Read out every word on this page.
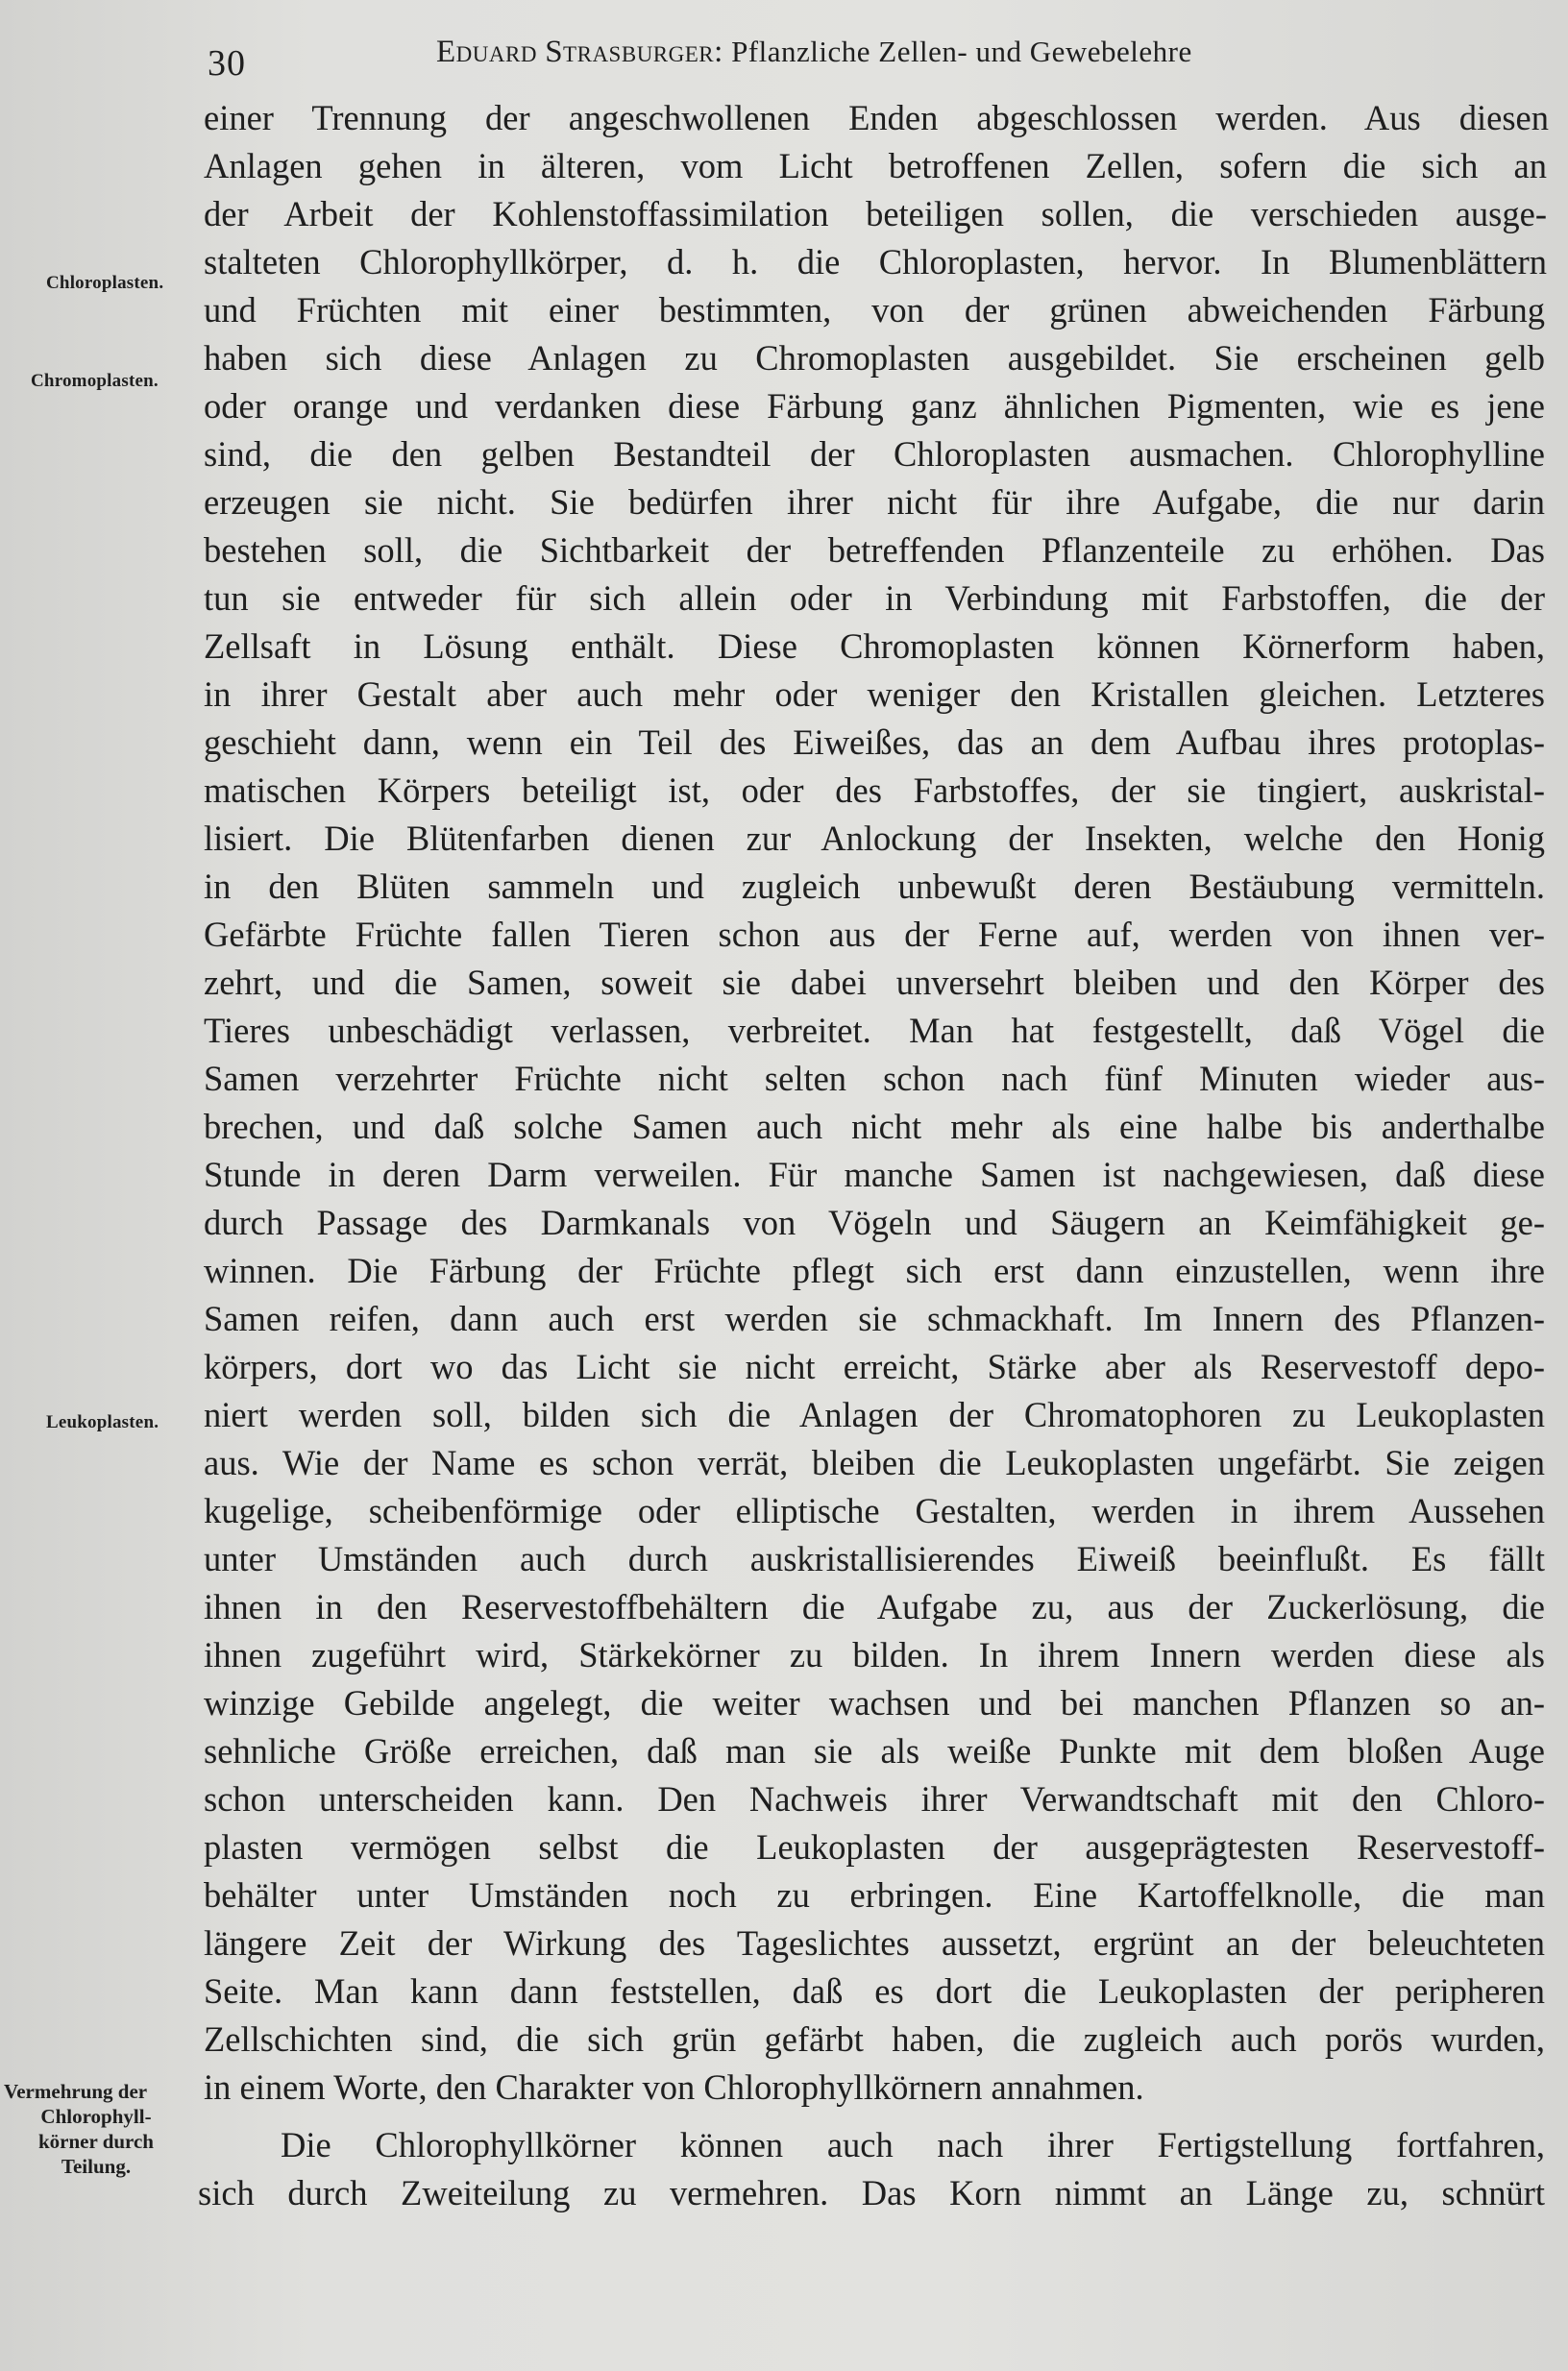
30	Eduard Strasburger: Pflanzliche Zellen- und Gewebelehre
Chloroplasten.
Chromoplasten.
Leukoplasten.
Vermehrung der
Chlorophyll-
körner durch
Teilung.
einer Trennung der angeschwollenen Enden abgeschlossen werden. Aus diesen
Anlagen gehen in älteren, vom Licht betroffenen Zellen, sofern die sich an
der Arbeit der Kohlenstoffassimilation beteiligen sollen, die verschieden ausge-
stalteten Chlorophyllkörper, d. h. die Chloroplasten, hervor. In Blumenblättern
und Früchten mit einer bestimmten, von der grünen abweichenden Färbung
haben sich diese Anlagen zu Chromoplasten ausgebildet. Sie erscheinen gelb
oder orange und verdanken diese Färbung ganz ähnlichen Pigmenten, wie es jene
sind, die den gelben Bestandteil der Chloroplasten ausmachen. Chlorophylline
erzeugen sie nicht. Sie bedürfen ihrer nicht für ihre Aufgabe, die nur darin
bestehen soll, die Sichtbarkeit der betreffenden Pflanzenteile zu erhöhen. Das
tun sie entweder für sich allein oder in Verbindung mit Farbstoffen, die der
Zellsaft in Lösung enthält. Diese Chromoplasten können Körnerform haben,
in ihrer Gestalt aber auch mehr oder weniger den Kristallen gleichen. Letzteres
geschieht dann, wenn ein Teil des Eiweißes, das an dem Aufbau ihres protoplas-
matischen Körpers beteiligt ist, oder des Farbstoffes, der sie tingiert, auskristal-
lisiert. Die Blütenfarben dienen zur Anlockung der Insekten, welche den Honig
in den Blüten sammeln und zugleich unbewußt deren Bestäubung vermitteln.
Gefärbte Früchte fallen Tieren schon aus der Ferne auf, werden von ihnen ver-
zehrt, und die Samen, soweit sie dabei unversehrt bleiben und den Körper des
Tieres unbeschädigt verlassen, verbreitet. Man hat festgestellt, daß Vögel die
Samen verzehrter Früchte nicht selten schon nach fünf Minuten wieder aus-
brechen, und daß solche Samen auch nicht mehr als eine halbe bis anderthalbe
Stunde in deren Darm verweilen. Für manche Samen ist nachgewiesen, daß diese
durch Passage des Darmkanals von Vögeln und Säugern an Keimfähigkeit ge-
winnen. Die Färbung der Früchte pflegt sich erst dann einzustellen, wenn ihre
Samen reifen, dann auch erst werden sie schmackhaft. Im Innern des Pflanzen-
körpers, dort wo das Licht sie nicht erreicht, Stärke aber als Reservestoff depo-
niert werden soll, bilden sich die Anlagen der Chromatophoren zu Leukoplasten
aus. Wie der Name es schon verrät, bleiben die Leukoplasten ungefärbt. Sie zeigen
kugelige, scheibenförmige oder elliptische Gestalten, werden in ihrem Aussehen
unter Umständen auch durch auskristallisierendes Eiweiß beeinflußt. Es fällt
ihnen in den Reservestoffbehältern die Aufgabe zu, aus der Zuckerlösung, die
ihnen zugeführt wird, Stärkekörner zu bilden. In ihrem Innern werden diese als
winzige Gebilde angelegt, die weiter wachsen und bei manchen Pflanzen so an-
sehnliche Größe erreichen, daß man sie als weiße Punkte mit dem bloßen Auge
schon unterscheiden kann. Den Nachweis ihrer Verwandtschaft mit den Chloro-
plasten vermögen selbst die Leukoplasten der ausgeprägtesten Reservestoff-
behälter unter Umständen noch zu erbringen. Eine Kartoffelknolle, die man
längere Zeit der Wirkung des Tageslichtes aussetzt, ergrünt an der beleuchteten
Seite. Man kann dann feststellen, daß es dort die Leukoplasten der peripheren
Zellschichten sind, die sich grün gefärbt haben, die zugleich auch porös wurden,
in einem Worte, den Charakter von Chlorophyllkörnern annahmen.
Die Chlorophyllkörner können auch nach ihrer Fertigstellung fortfahren,
sich durch Zweiteilung zu vermehren. Das Korn nimmt an Länge zu, schnürt
